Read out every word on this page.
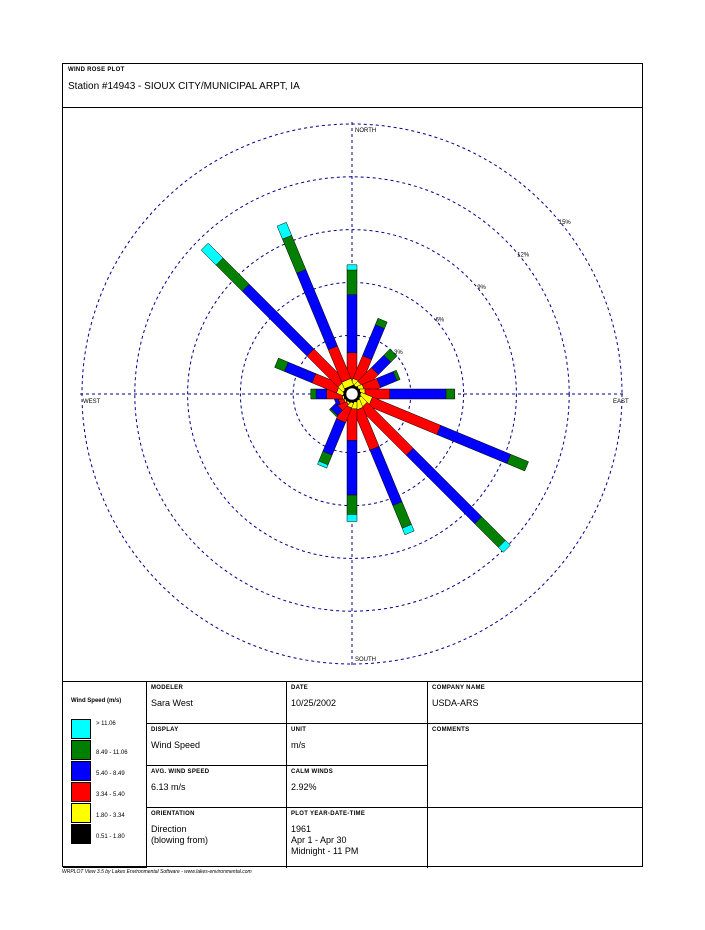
WIND ROSE PLOT
Station #14943 - SIOUX CITY/MUNICIPAL ARPT, IA
Wind Speed (m/s)
> 11.06
8.49 - 11.06
5.40 - 8.49
3.34 - 5.40
1.80 - 3.34
0.51 - 1.80
MODELER
Sara West
DATE
10/25/2002
COMPANY NAME
USDA-ARS
DISPLAY
Wind Speed
UNIT
m/s
COMMENTS
AVG. WIND SPEED
6.13 m/s
CALM WINDS
2.92%
ORIENTATION
Direction
(blowing from)
PLOT YEAR-DATE-TIME
1961
Apr 1 - Apr 30
Midnight - 11 PM
3%
6%
9%
12%
15%
NORTH
SOUTH
EAST
WEST
WRPLOT View 3.5 by Lakes Environmental Software - www.lakes-environmental.com
